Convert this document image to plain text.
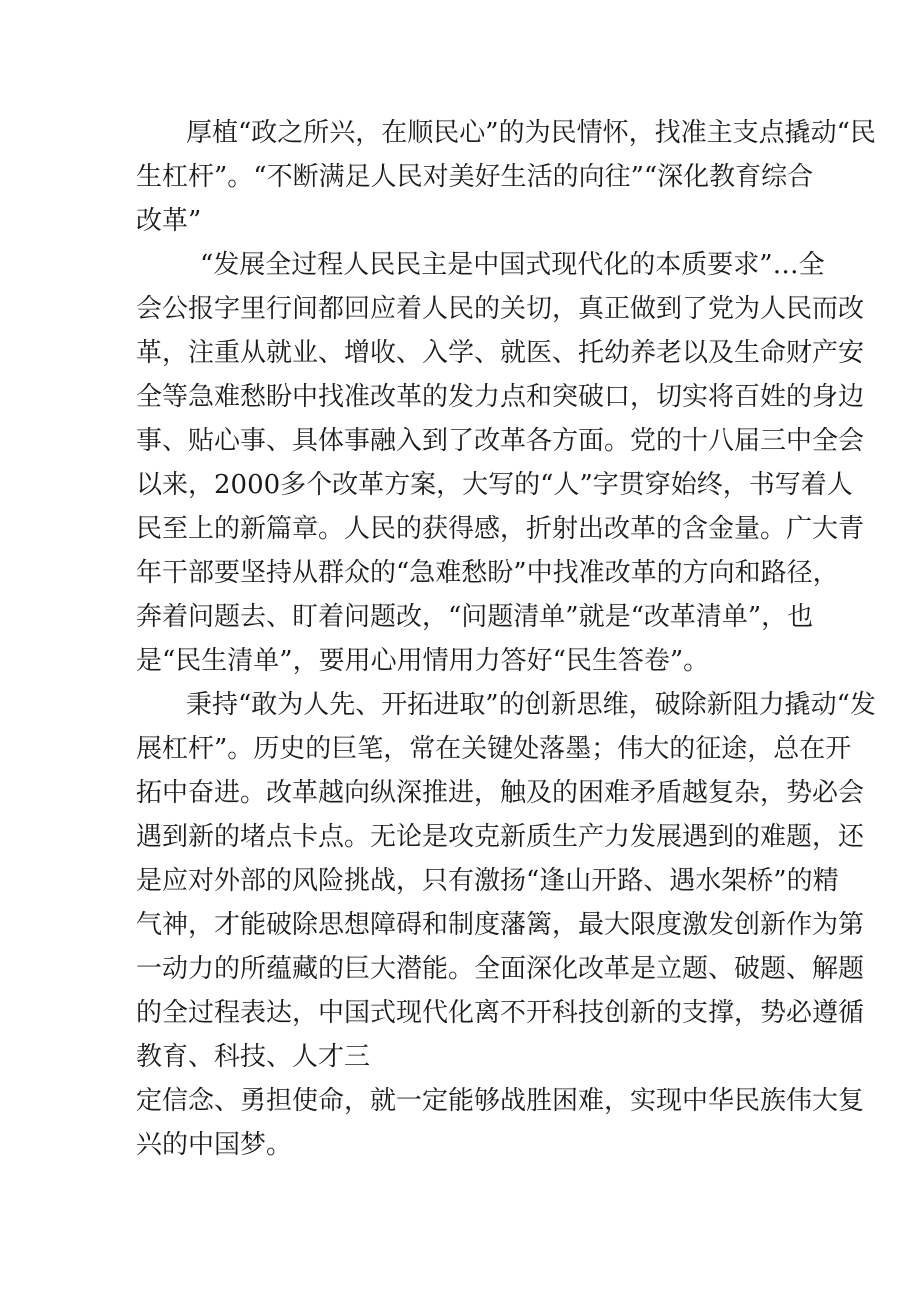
厚植“政之所兴，在顺民心”的为民情怀，找准主支点撬动“民
生杠杆”。“不断满足人民对美好生活的向往”“深化教育综合
改革”
“发展全过程人民民主是中国式现代化的本质要求”…全
会公报字里行间都回应着人民的关切，真正做到了党为人民而改
革，注重从就业、增收、入学、就医、托幼养老以及生命财产安
全等急难愁盼中找准改革的发力点和突破口，切实将百姓的身边
事、贴心事、具体事融入到了改革各方面。党的十八届三中全会
以来，2000多个改革方案，大写的“人”字贯穿始终，书写着人
民至上的新篇章。人民的获得感，折射出改革的含金量。广大青
年干部要坚持从群众的“急难愁盼”中找准改革的方向和路径，
奔着问题去、盯着问题改，“问题清单”就是“改革清单”，也
是“民生清单”，要用心用情用力答好“民生答卷”。
秉持“敢为人先、开拓进取”的创新思维，破除新阻力撬动“发
展杠杆”。历史的巨笔，常在关键处落墨；伟大的征途，总在开
拓中奋进。改革越向纵深推进，触及的困难矛盾越复杂，势必会
遇到新的堵点卡点。无论是攻克新质生产力发展遇到的难题，还
是应对外部的风险挑战，只有激扬“逢山开路、遇水架桥”的精
气神，才能破除思想障碍和制度藩篱，最大限度激发创新作为第
一动力的所蕴藏的巨大潜能。全面深化改革是立题、破题、解题
的全过程表达，中国式现代化离不开科技创新的支撑，势必遵循
教育、科技、人才三
定信念、勇担使命，就一定能够战胜困难，实现中华民族伟大复
兴的中国梦。
